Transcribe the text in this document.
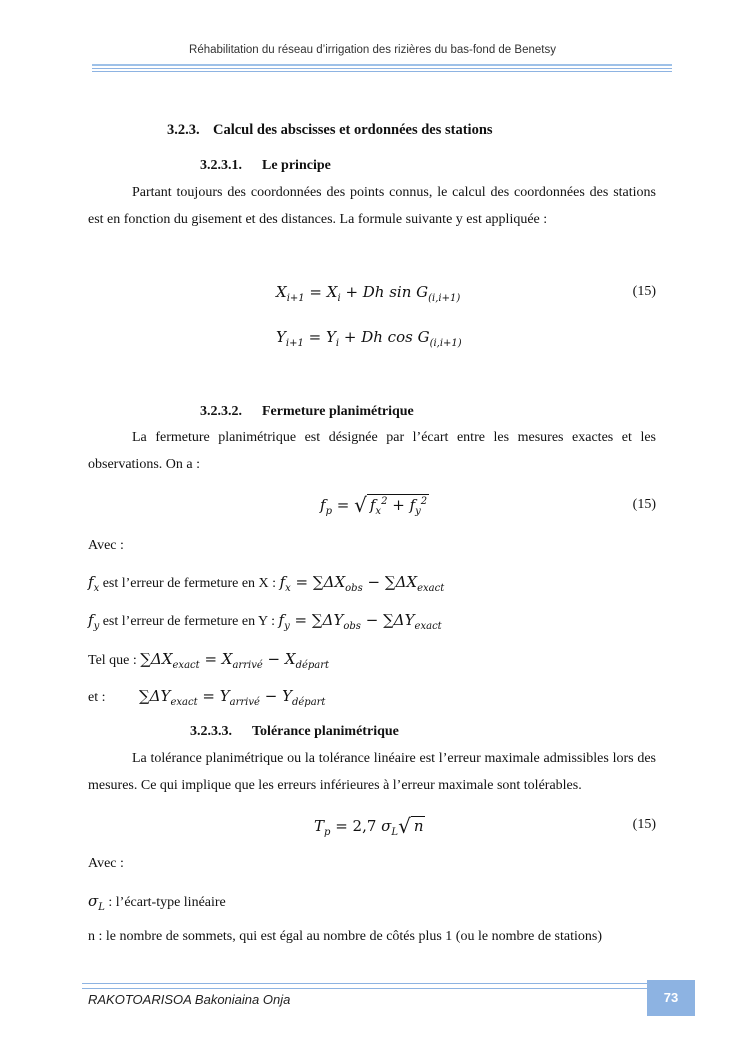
Réhabilitation du réseau d’irrigation des rizières du bas-fond de Benetsy
3.2.3. Calcul des abscisses et ordonnées des stations
3.2.3.1. Le principe
Partant toujours des coordonnées des points connus, le calcul des coordonnées des stations est en fonction du gisement et des distances. La formule suivante y est appliquée :
$X_{i+1} = X_i + Dh$ $\sin G_{(i,i+1)}$	(15)
$Y_{i+1} = Y_i + Dh$ $\cos G_{(i,i+1)}$
3.2.3.2. Fermeture planimétrique
La fermeture planimétrique est désignée par l’écart entre les mesures exactes et les observations. On a :
$f_p$ = √ $f_x^2 + f_y^2$	(15)
Avec :
$f_x$ est l’erreur de fermeture en X : $f_x = \sum\Delta X_{obs} - \sum\Delta X_{exact}$
$f_y$ est l’erreur de fermeture en Y : $f_y = \sum\Delta Y_{obs} - \sum\Delta Y_{exact}$
Tel que : $\sum\Delta X_{exact} = X_{arrivé} - X_{départ}$
et : $\sum\Delta Y_{exact} = Y_{arrivé} - Y_{départ}$
3.2.3.3. Tolérance planimétrique
La tolérance planimétrique ou la tolérance linéaire est l’erreur maximale admissibles lors des mesures. Ce qui implique que les erreurs inférieures à l’erreur maximale sont tolérables.
$T_p = 2,7$ $\sigma_L√$ n	(15)
Avec :
$\sigma_L$ : l’écart-type linéaire
n : le nombre de sommets, qui est égal au nombre de côtés plus 1 (ou le nombre de stations)
RAKOTOARISOA Bakoniaina Onja	73
